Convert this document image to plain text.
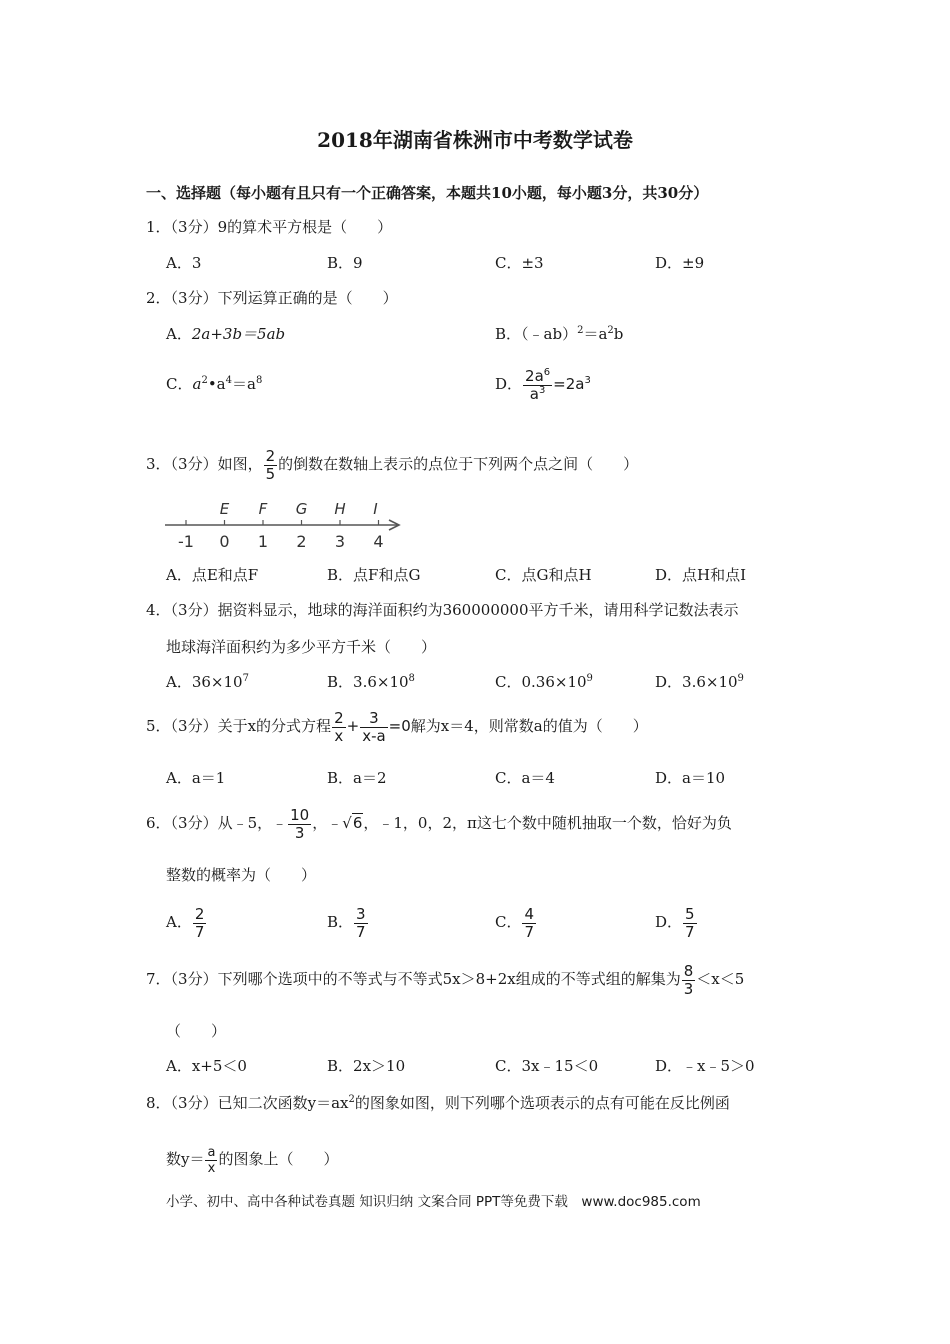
2018年湖南省株洲市中考数学试卷
一、选择题（每小题有且只有一个正确答案，本题共10小题，每小题3分，共30分）
1．（3分）9的算术平方根是（　　）
A．3	B．9	C．±3	D．±9
2．（3分）下列运算正确的是（　　）
A．2a+3b＝5ab	B．$(﹣ab)^2=a^2b$
C．$a^2•a^4=a^8$	D． $\frac{2a^6}{a^3} =2a^3$
3．（3分）如图， $\frac{2}{5}$ 的倒数在数轴上表示的点位于下列两个点之间（　　）
-1 0 1 2 3 4
E F G H I
A．点E和点F	B．点F和点G	C．点G和点H	D．点H和点I
4．（3分）据资料显示，地球的海洋面积约为360000000平方千米，请用科学记数法表示
地球海洋面积约为多少平方千米（　　）
A．$36\times 10^7$	B．$3.6\times 10^8$	C．$0.36\times 10^9$	D．$3.6\times 10^9$
5．（3分）关于x的分式方程 $\frac{2}{x} + \frac{3}{x-a} =0$解为x＝4，则常数a的值为（　　）
A．a＝1	B．a＝2	C．a＝4	D．a＝10
6．（3分）从﹣5，﹣ $\frac{10}{3}$ ，﹣√6，﹣1，0，2，π这七个数中随机抽取一个数，恰好为负
整数的概率为（　　）
A． $\frac{2}{7}$	B． $\frac{3}{7}$	C． $\frac{4}{7}$	D． $\frac{5}{7}$
7．（3分）下列哪个选项中的不等式与不等式5x＞8+2x组成的不等式组的解集为 $\frac{8}{3} <x<5$
（　　）
A．x+5＜0	B．2x＞10	C．3x﹣15＜0	D．﹣x﹣5＞0
8．（3分）已知二次函数$y=ax^2$的图象如图，则下列哪个选项表示的点有可能在反比例函
数$y= \frac{a}{x}$ 的图象上（　　）
小学、初中、高中各种试卷真题 知识归纳 文案合同 PPT等免费下载　www.doc985.com
